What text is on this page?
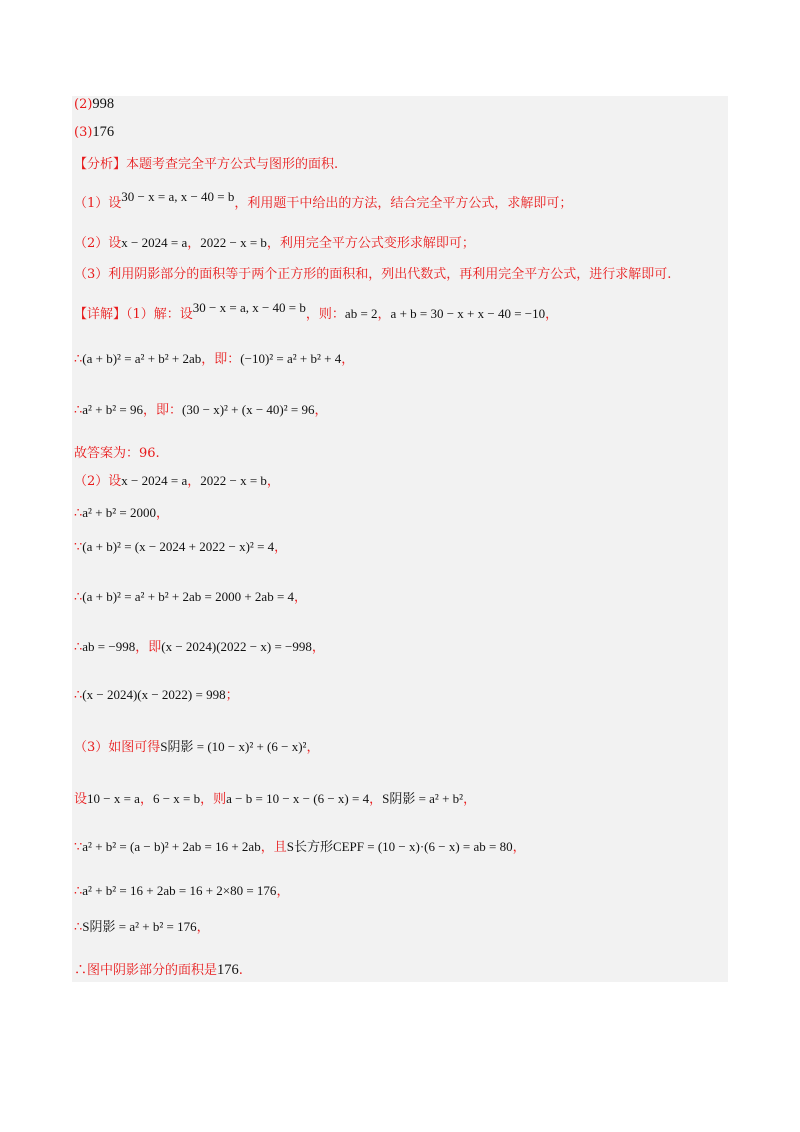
(2)998
(3)176
【分析】本题考查完全平方公式与图形的面积.
（1）设30 − x = a, x − 40 = b，利用题干中给出的方法，结合完全平方公式，求解即可；
（2）设x − 2024 = a，2022 − x = b，利用完全平方公式变形求解即可；
（3）利用阴影部分的面积等于两个正方形的面积和，列出代数式，再利用完全平方公式，进行求解即可.
【详解】（1）解：设30 − x = a, x − 40 = b，则：ab = 2，a + b = 30 − x + x − 40 = −10，
∴(a + b)² = a² + b² + 2ab，即：(−10)² = a² + b² + 4，
∴a² + b² = 96，即：(30 − x)² + (x − 40)² = 96，
故答案为：96.
（2）设x − 2024 = a，2022 − x = b，
∴a² + b² = 2000，
∵(a + b)² = (x − 2024 + 2022 − x)² = 4，
∴(a + b)² = a² + b² + 2ab = 2000 + 2ab = 4，
∴ab = −998，即(x − 2024)(2022 − x) = −998，
∴(x − 2024)(x − 2022) = 998；
（3）如图可得S阴影 = (10 − x)² + (6 − x)²，
设10 − x = a，6 − x = b，则a − b = 10 − x − (6 − x) = 4，S阴影 = a² + b²，
∵a² + b² = (a − b)² + 2ab = 16 + 2ab，且S长方形CEPF = (10 − x)·(6 − x) = ab = 80，
∴a² + b² = 16 + 2ab = 16 + 2×80 = 176，
∴S阴影 = a² + b² = 176，
∴图中阴影部分的面积是176.
